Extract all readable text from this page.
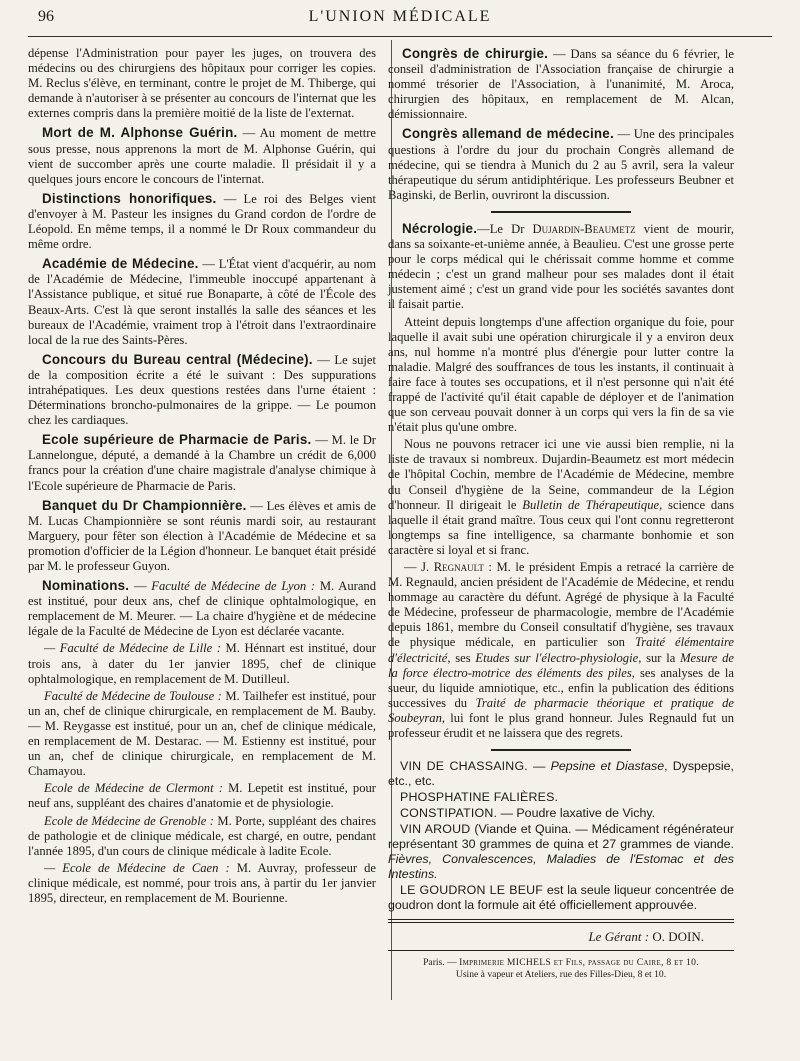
96	L'UNION MÉDICALE

dépense l'Administration pour payer les juges, on trouvera des médecins ou des chirurgiens des hôpitaux pour corriger les copies. M. Reclus s'élève, en terminant, contre le projet de M. Thiberge, qui demande à n'autoriser à se présenter au concours de l'internat que les externes compris dans la première moitié de la liste de l'externat.

Mort de M. Alphonse Guérin. — Au moment de mettre sous presse, nous apprenons la mort de M. Alphonse Guérin, qui vient de succomber après une courte maladie. Il présidait il y a quelques jours encore le concours de l'internat.

Distinctions honorifiques. — Le roi des Belges vient d'envoyer à M. Pasteur les insignes du Grand cordon de l'ordre de Léopold. En même temps, il a nommé le Dr Roux commandeur du même ordre.

Académie de Médecine. — L'État vient d'acquérir, au nom de l'Académie de Médecine, l'immeuble inoccupé appartenant à l'Assistance publique, et situé rue Bonaparte, à côté de l'École des Beaux-Arts. C'est là que seront installés la salle des séances et les bureaux de l'Académie, vraiment trop à l'étroit dans l'extraordinaire local de la rue des Saints-Pères.

Concours du Bureau central (Médecine). — Le sujet de la composition écrite a été le suivant : Des suppurations intrahépatiques. Les deux questions restées dans l'urne étaient : Déterminations broncho-pulmonaires de la grippe. — Le poumon chez les cardiaques.

Ecole supérieure de Pharmacie de Paris. — M. le Dr Lannelongue, député, a demandé à la Chambre un crédit de 6,000 francs pour la création d'une chaire magistrale d'analyse chimique à l'Ecole supérieure de Pharmacie de Paris.

Banquet du Dr Championnière. — Les élèves et amis de M. Lucas Championnière se sont réunis mardi soir, au restaurant Marguery, pour fêter son élection à l'Académie de Médecine et sa promotion d'officier de la Légion d'honneur. Le banquet était présidé par M. le professeur Guyon.

Nominations. — Faculté de Médecine de Lyon : M. Aurand est institué, pour deux ans, chef de clinique ophtalmologique, en remplacement de M. Meurer. — La chaire d'hygiène et de médecine légale de la Faculté de Médecine de Lyon est déclarée vacante.

— Faculté de Médecine de Lille : M. Hénnart est institué, dour trois ans, à dater du 1er janvier 1895, chef de clinique ophtalmologique, en remplacement de M. Dutilleul.

Faculté de Médecine de Toulouse : M. Tailhefer est institué, pour un an, chef de clinique chirurgicale, en remplacement de M. Bauby. — M. Reygasse est institué, pour un an, chef de clinique médicale, en remplacement de M. Destarac. — M. Estienny est institué, pour un an, chef de clinique chirurgicale, en remplacement de M. Chamayou.

Ecole de Médecine de Clermont : M. Lepetit est institué, pour neuf ans, suppléant des chaires d'anatomie et de physiologie.

Ecole de Médecine de Grenoble : M. Porte, suppléant des chaires de pathologie et de clinique médicale, est chargé, en outre, pendant l'année 1895, d'un cours de clinique médicale à ladite Ecole.

— Ecole de Médecine de Caen : M. Auvray, professeur de clinique médicale, est nommé, pour trois ans, à partir du 1er janvier 1895, directeur, en remplacement de M. Bourienne.

Congrès de chirurgie. — Dans sa séance du 6 février, le conseil d'administration de l'Association française de chirurgie a nommé trésorier de l'Association, à l'unanimité, M. Aroca, chirurgien des hôpitaux, en remplacement de M. Alcan, démissionnaire.

Congrès allemand de médecine. — Une des principales questions à l'ordre du jour du prochain Congrès allemand de médecine, qui se tiendra à Munich du 2 au 5 avril, sera la valeur thérapeutique du sérum antidiphtérique. Les professeurs Beubner et Baginski, de Berlin, ouvriront la discussion.

Nécrologie.—Le Dr Dujardin-Beaumetz vient de mourir, dans sa soixante-et-unième année, à Beaulieu. C'est une grosse perte pour le corps médical qui le chérissait comme homme et comme médecin ; c'est un grand malheur pour ses malades dont il était justement aimé ; c'est un grand vide pour les sociétés savantes dont il faisait partie.

Atteint depuis longtemps d'une affection organique du foie, pour laquelle il avait subi une opération chirurgicale il y a environ deux ans, nul homme n'a montré plus d'énergie pour lutter contre la maladie. Malgré des souffrances de tous les instants, il continuait à faire face à toutes ses occupations, et il n'est personne qui n'ait été frappé de l'activité qu'il était capable de déployer et de l'animation que son cerveau pouvait donner à un corps qui vers la fin de sa vie n'était plus qu'une ombre.

Nous ne pouvons retracer ici une vie aussi bien remplie, ni la liste de travaux si nombreux. Dujardin-Beaumetz est mort médecin de l'hôpital Cochin, membre de l'Académie de Médecine, membre du Conseil d'hygiène de la Seine, commandeur de la Légion d'honneur. Il dirigeait le Bulletin de Thérapeutique, science dans laquelle il était grand maître. Tous ceux qui l'ont connu regretteront longtemps sa fine intelligence, sa charmante bonhomie et son caractère si loyal et si franc.

— J. Regnault : M. le président Empis a retracé la carrière de M. Regnauld, ancien président de l'Académie de Médecine, et rendu hommage au caractère du défunt. Agrégé de physique à la Faculté de Médecine, professeur de pharmacologie, membre de l'Académie depuis 1861, membre du Conseil consultatif d'hygiène, ses travaux de physique médicale, en particulier son Traité élémentaire d'électricité, ses Etudes sur l'électro-physiologie, sur la Mesure de la force électro-motrice des éléments des piles, ses analyses de la sueur, du liquide amniotique, etc., enfin la publication des éditions successives du Traité de pharmacie théorique et pratique de Soubeyran, lui font le plus grand honneur. Jules Regnauld fut un professeur érudit et ne laissera que des regrets.

VIN DE CHASSAING. — Pepsine et Diastase, Dyspepsie, etc., etc.

PHOSPHATINE FALIÈRES.

CONSTIPATION. — Poudre laxative de Vichy.

VIN AROUD (Viande et Quina. — Médicament régénérateur représentant 30 grammes de quina et 27 grammes de viande. Fièvres, Convalescences, Maladies de l'Estomac et des Intestins.

LE GOUDRON LE BEUF est la seule liqueur concentrée de goudron dont la formule ait été officiellement approuvée.

Le Gérant : O. DOIN.
Paris. — Imprimerie MICHELS et Fils, passage du Caire, 8 et 10.
Usine à vapeur et Ateliers, rue des Filles-Dieu, 8 et 10.
